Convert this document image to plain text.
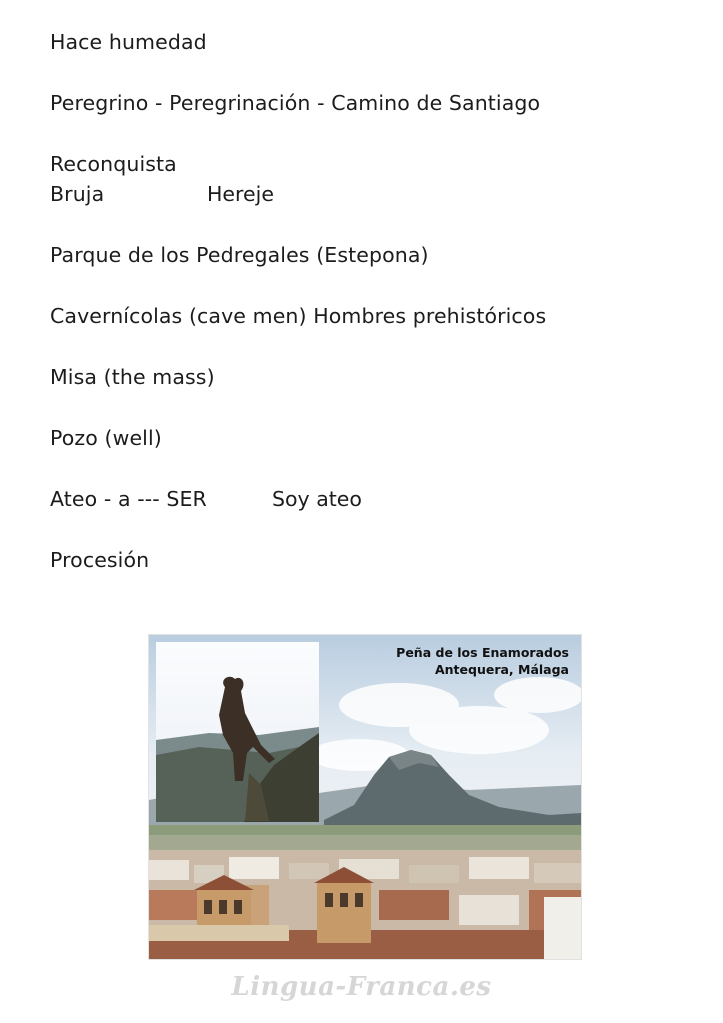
Hace humedad
Peregrino - Peregrinación - Camino de Santiago
Reconquista
Bruja	Hereje
Parque de los Pedregales (Estepona)
Cavernícolas (cave men) Hombres prehistóricos
Misa (the mass)
Pozo (well)
Ateo - a --- SER	Soy ateo
Procesión
Peña de los Enamorados
Antequera, Málaga
Lingua-Franca.es
